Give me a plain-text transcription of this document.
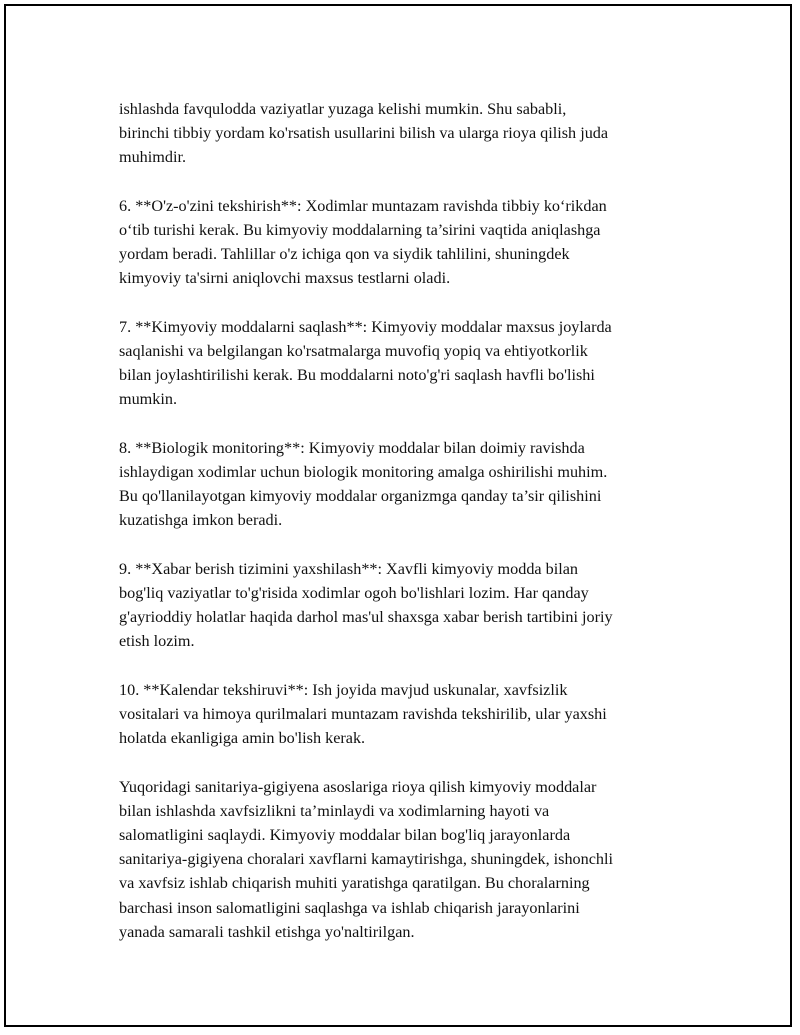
ishlashda favqulodda vaziyatlar yuzaga kelishi mumkin. Shu sababli,
birinchi tibbiy yordam ko'rsatish usullarini bilish va ularga rioya qilish juda
muhimdir.

6. **O'z-o'zini tekshirish**: Xodimlar muntazam ravishda tibbiy ko‘rikdan
o‘tib turishi kerak. Bu kimyoviy moddalarning ta’sirini vaqtida aniqlashga
yordam beradi. Tahlillar o'z ichiga qon va siydik tahlilini, shuningdek
kimyoviy ta'sirni aniqlovchi maxsus testlarni oladi.

7. **Kimyoviy moddalarni saqlash**: Kimyoviy moddalar maxsus joylarda
saqlanishi va belgilangan ko'rsatmalarga muvofiq yopiq va ehtiyotkorlik
bilan joylashtirilishi kerak. Bu moddalarni noto'g'ri saqlash havfli bo'lishi
mumkin.

8. **Biologik monitoring**: Kimyoviy moddalar bilan doimiy ravishda
ishlaydigan xodimlar uchun biologik monitoring amalga oshirilishi muhim.
Bu qo'llanilayotgan kimyoviy moddalar organizmga qanday ta’sir qilishini
kuzatishga imkon beradi.

9. **Xabar berish tizimini yaxshilash**: Xavfli kimyoviy modda bilan
bog'liq vaziyatlar to'g'risida xodimlar ogoh bo'lishlari lozim. Har qanday
g'ayrioddiy holatlar haqida darhol mas'ul shaxsga xabar berish tartibini joriy
etish lozim.

10. **Kalendar tekshiruvi**: Ish joyida mavjud uskunalar, xavfsizlik
vositalari va himoya qurilmalari muntazam ravishda tekshirilib, ular yaxshi
holatda ekanligiga amin bo'lish kerak.

Yuqoridagi sanitariya-gigiyena asoslariga rioya qilish kimyoviy moddalar
bilan ishlashda xavfsizlikni ta’minlaydi va xodimlarning hayoti va
salomatligini saqlaydi. Kimyoviy moddalar bilan bog'liq jarayonlarda
sanitariya-gigiyena choralari xavflarni kamaytirishga, shuningdek, ishonchli
va xavfsiz ishlab chiqarish muhiti yaratishga qaratilgan. Bu choralarning
barchasi inson salomatligini saqlashga va ishlab chiqarish jarayonlarini
yanada samarali tashkil etishga yo'naltirilgan.
